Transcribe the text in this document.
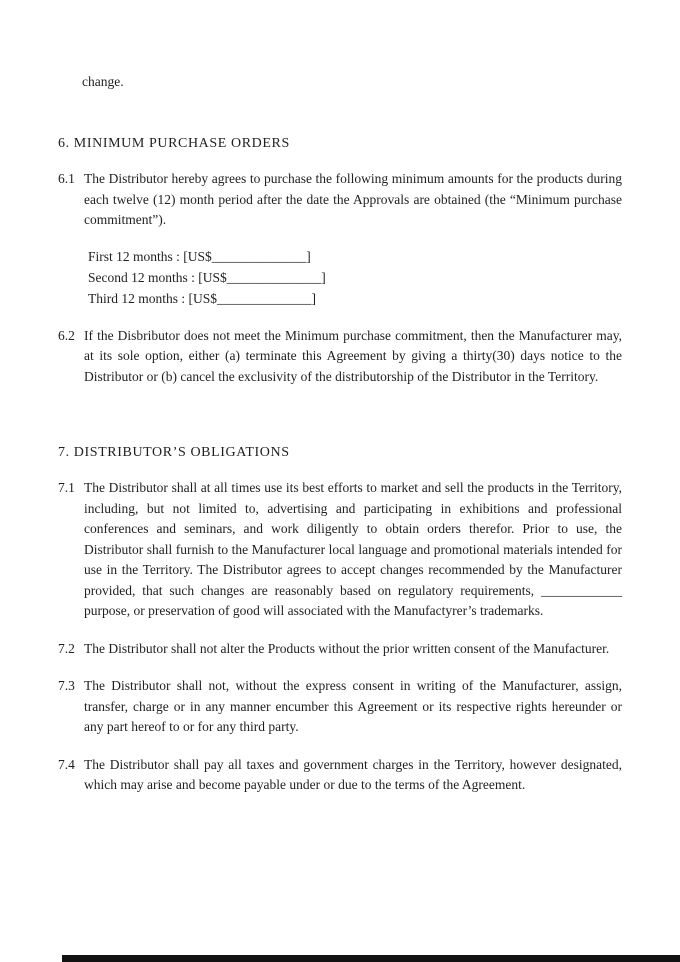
change.

6. MINIMUM PURCHASE ORDERS
6.1 The Distributor hereby agrees to purchase the following minimum amounts for the products during each twelve (12) month period after the date the Approvals are obtained (the “Minimum purchase commitment”).

First 12 months : [US$______________]

Second 12 months : [US$______________]

Third 12 months : [US$______________]

6.2 If the Disbributor does not meet the Minimum purchase commitment, then the Manufacturer may, at its sole option, either (a) terminate this Agreement by giving a thirty(30) days notice to the Distributor or (b) cancel the exclusivity of the distributorship of the Distributor in the Territory.

7. DISTRIBUTOR’S OBLIGATIONS
7.1 The Distributor shall at all times use its best efforts to market and sell the products in the Territory, including, but not limited to, advertising and participating in exhibitions and professional conferences and seminars, and work diligently to obtain orders therefor. Prior to use, the Distributor shall furnish to the Manufacturer local language and promotional materials intended for use in the Territory. The Distributor agrees to accept changes recommended by the Manufacturer provided, that such changes are reasonably based on regulatory requirements, ____________ purpose, or preservation of good will associated with the Manufactyrer’s trademarks.

7.2 The Distributor shall not alter the Products without the prior written consent of the Manufacturer.

7.3 The Distributor shall not, without the express consent in writing of the Manufacturer, assign, transfer, charge or in any manner encumber this Agreement or its respective rights hereunder or any part hereof to or for any third party.

7.4 The Distributor shall pay all taxes and government charges in the Territory, however designated, which may arise and become payable under or due to the terms of the Agreement.
